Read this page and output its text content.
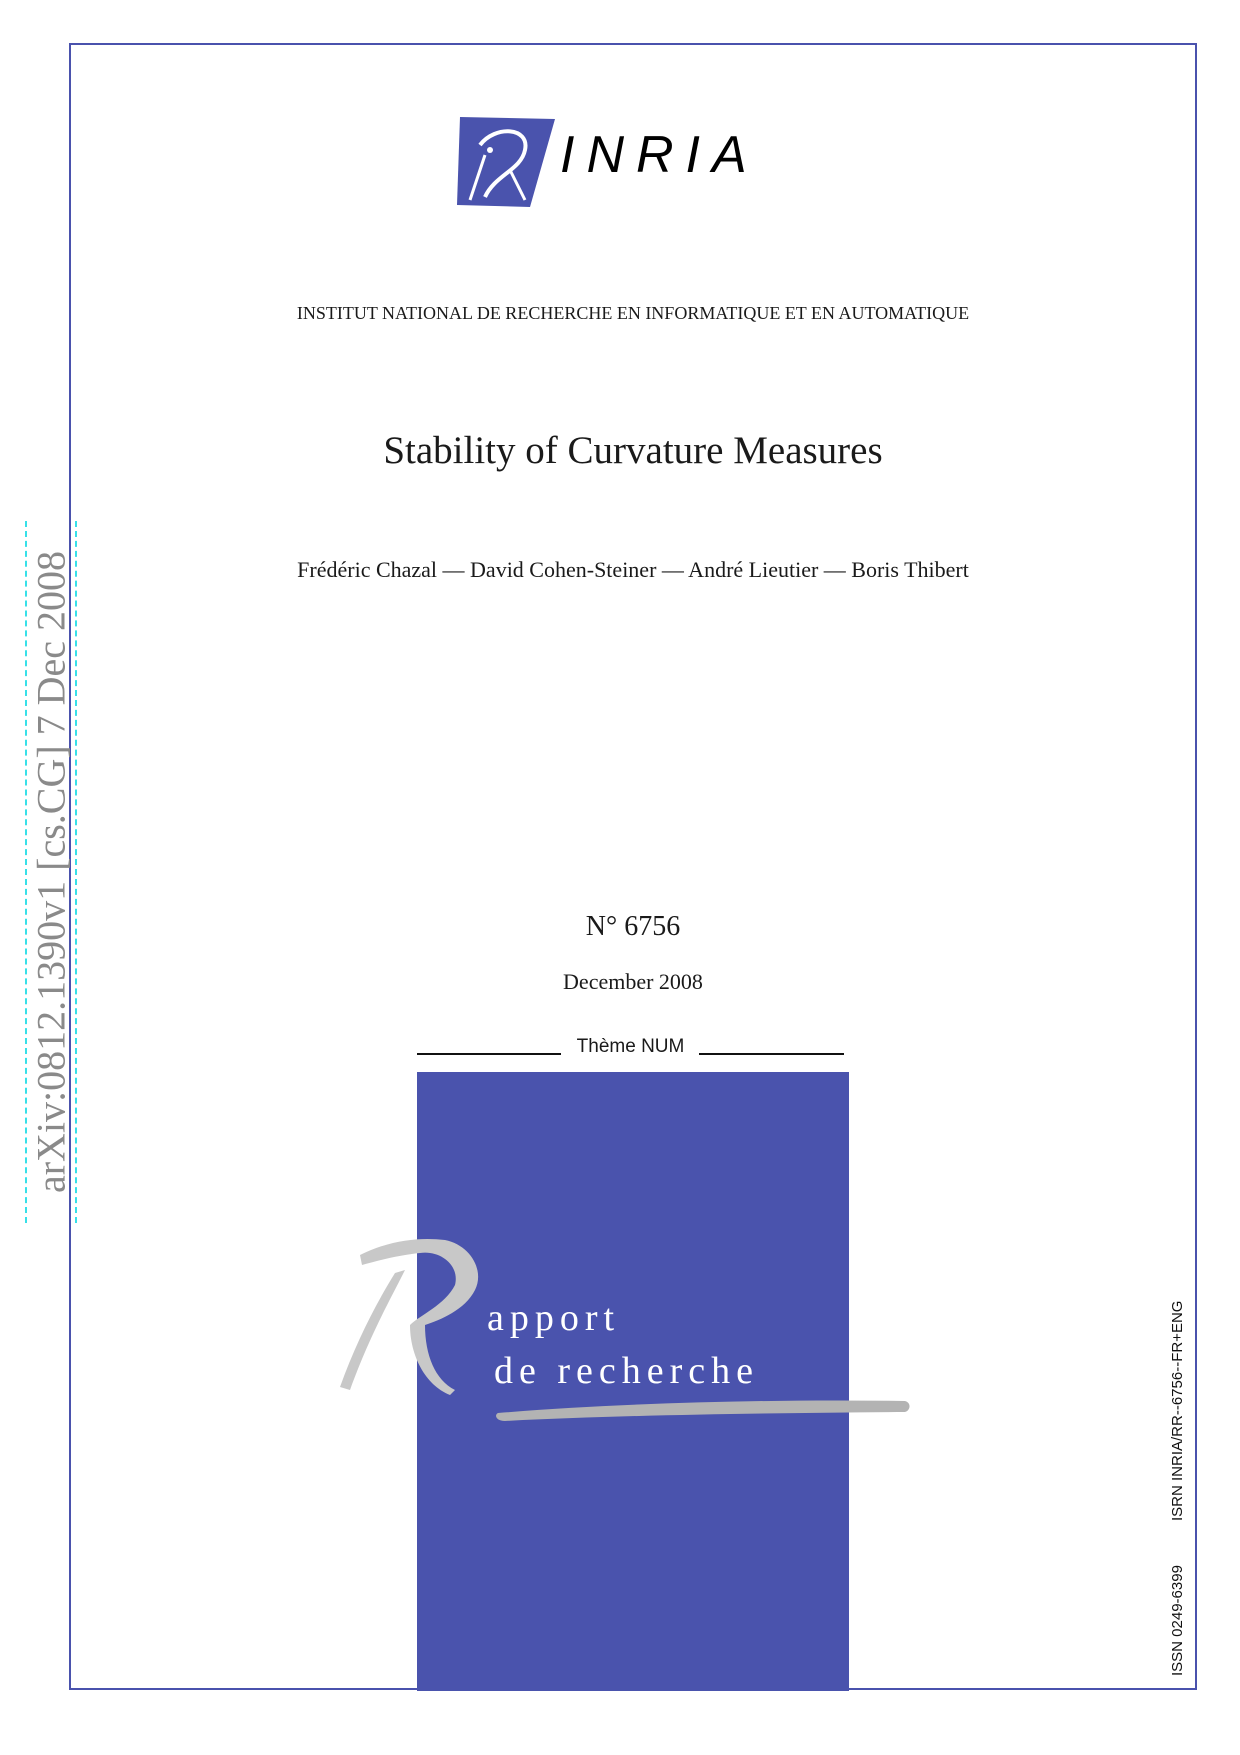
INRIA
INSTITUT NATIONAL DE RECHERCHE EN INFORMATIQUE ET EN AUTOMATIQUE
Stability of Curvature Measures
Frédéric Chazal — David Cohen-Steiner — André Lieutier — Boris Thibert
N° 6756
December 2008
Thème NUM
apport
de recherche
arXiv:0812.1390v1 [cs.CG] 7 Dec 2008
ISRN INRIA/RR--6756--FR+ENG
ISSN 0249-6399
